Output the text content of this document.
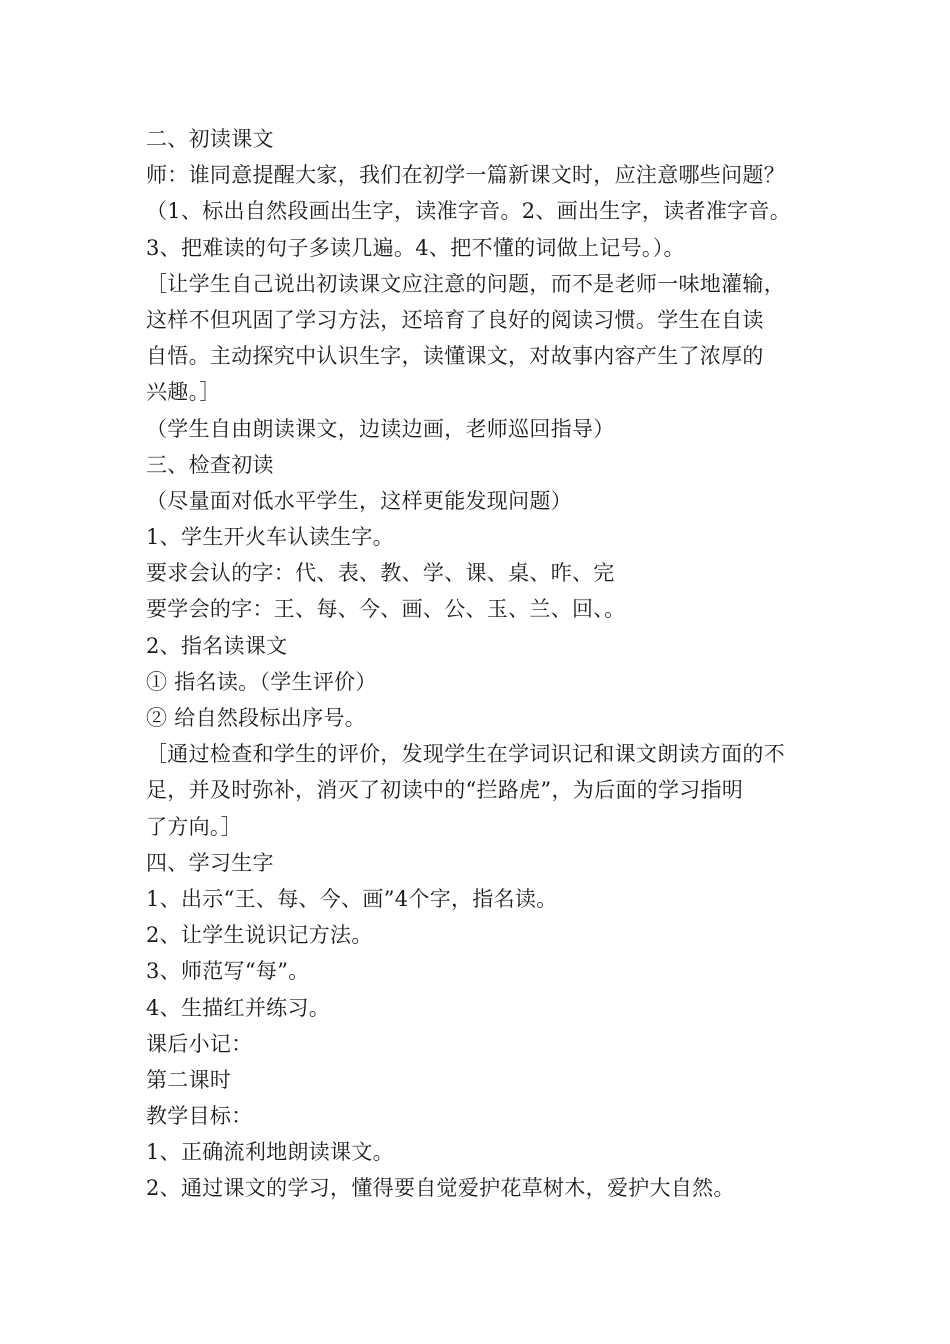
二、初读课文
师：谁同意提醒大家，我们在初学一篇新课文时，应注意哪些问题？
（1、标出自然段画出生字，读准字音。2、画出生字，读者准字音。
3、把难读的句子多读几遍。4、把不懂的词做上记号。）。
［让学生自己说出初读课文应注意的问题，而不是老师一味地灌输，
这样不但巩固了学习方法，还培育了良好的阅读习惯。学生在自读
自悟。主动探究中认识生字，读懂课文，对故事内容产生了浓厚的
兴趣。］
（学生自由朗读课文，边读边画，老师巡回指导）
三、检查初读
（尽量面对低水平学生，这样更能发现问题）
1、学生开火车认读生字。
要求会认的字：代、表、教、学、课、桌、昨、完
要学会的字：王、每、今、画、公、玉、兰、回、。
2、指名读课文
① 指名读。（学生评价）
② 给自然段标出序号。
［通过检查和学生的评价，发现学生在学词识记和课文朗读方面的不
足，并及时弥补，消灭了初读中的“拦路虎”，为后面的学习指明
了方向。］
四、学习生字
1、出示“王、每、今、画”4个字，指名读。
2、让学生说识记方法。
3、师范写“每”。
4、生描红并练习。
课后小记：
第二课时
教学目标：
1、正确流利地朗读课文。
2、通过课文的学习，懂得要自觉爱护花草树木，爱护大自然。
